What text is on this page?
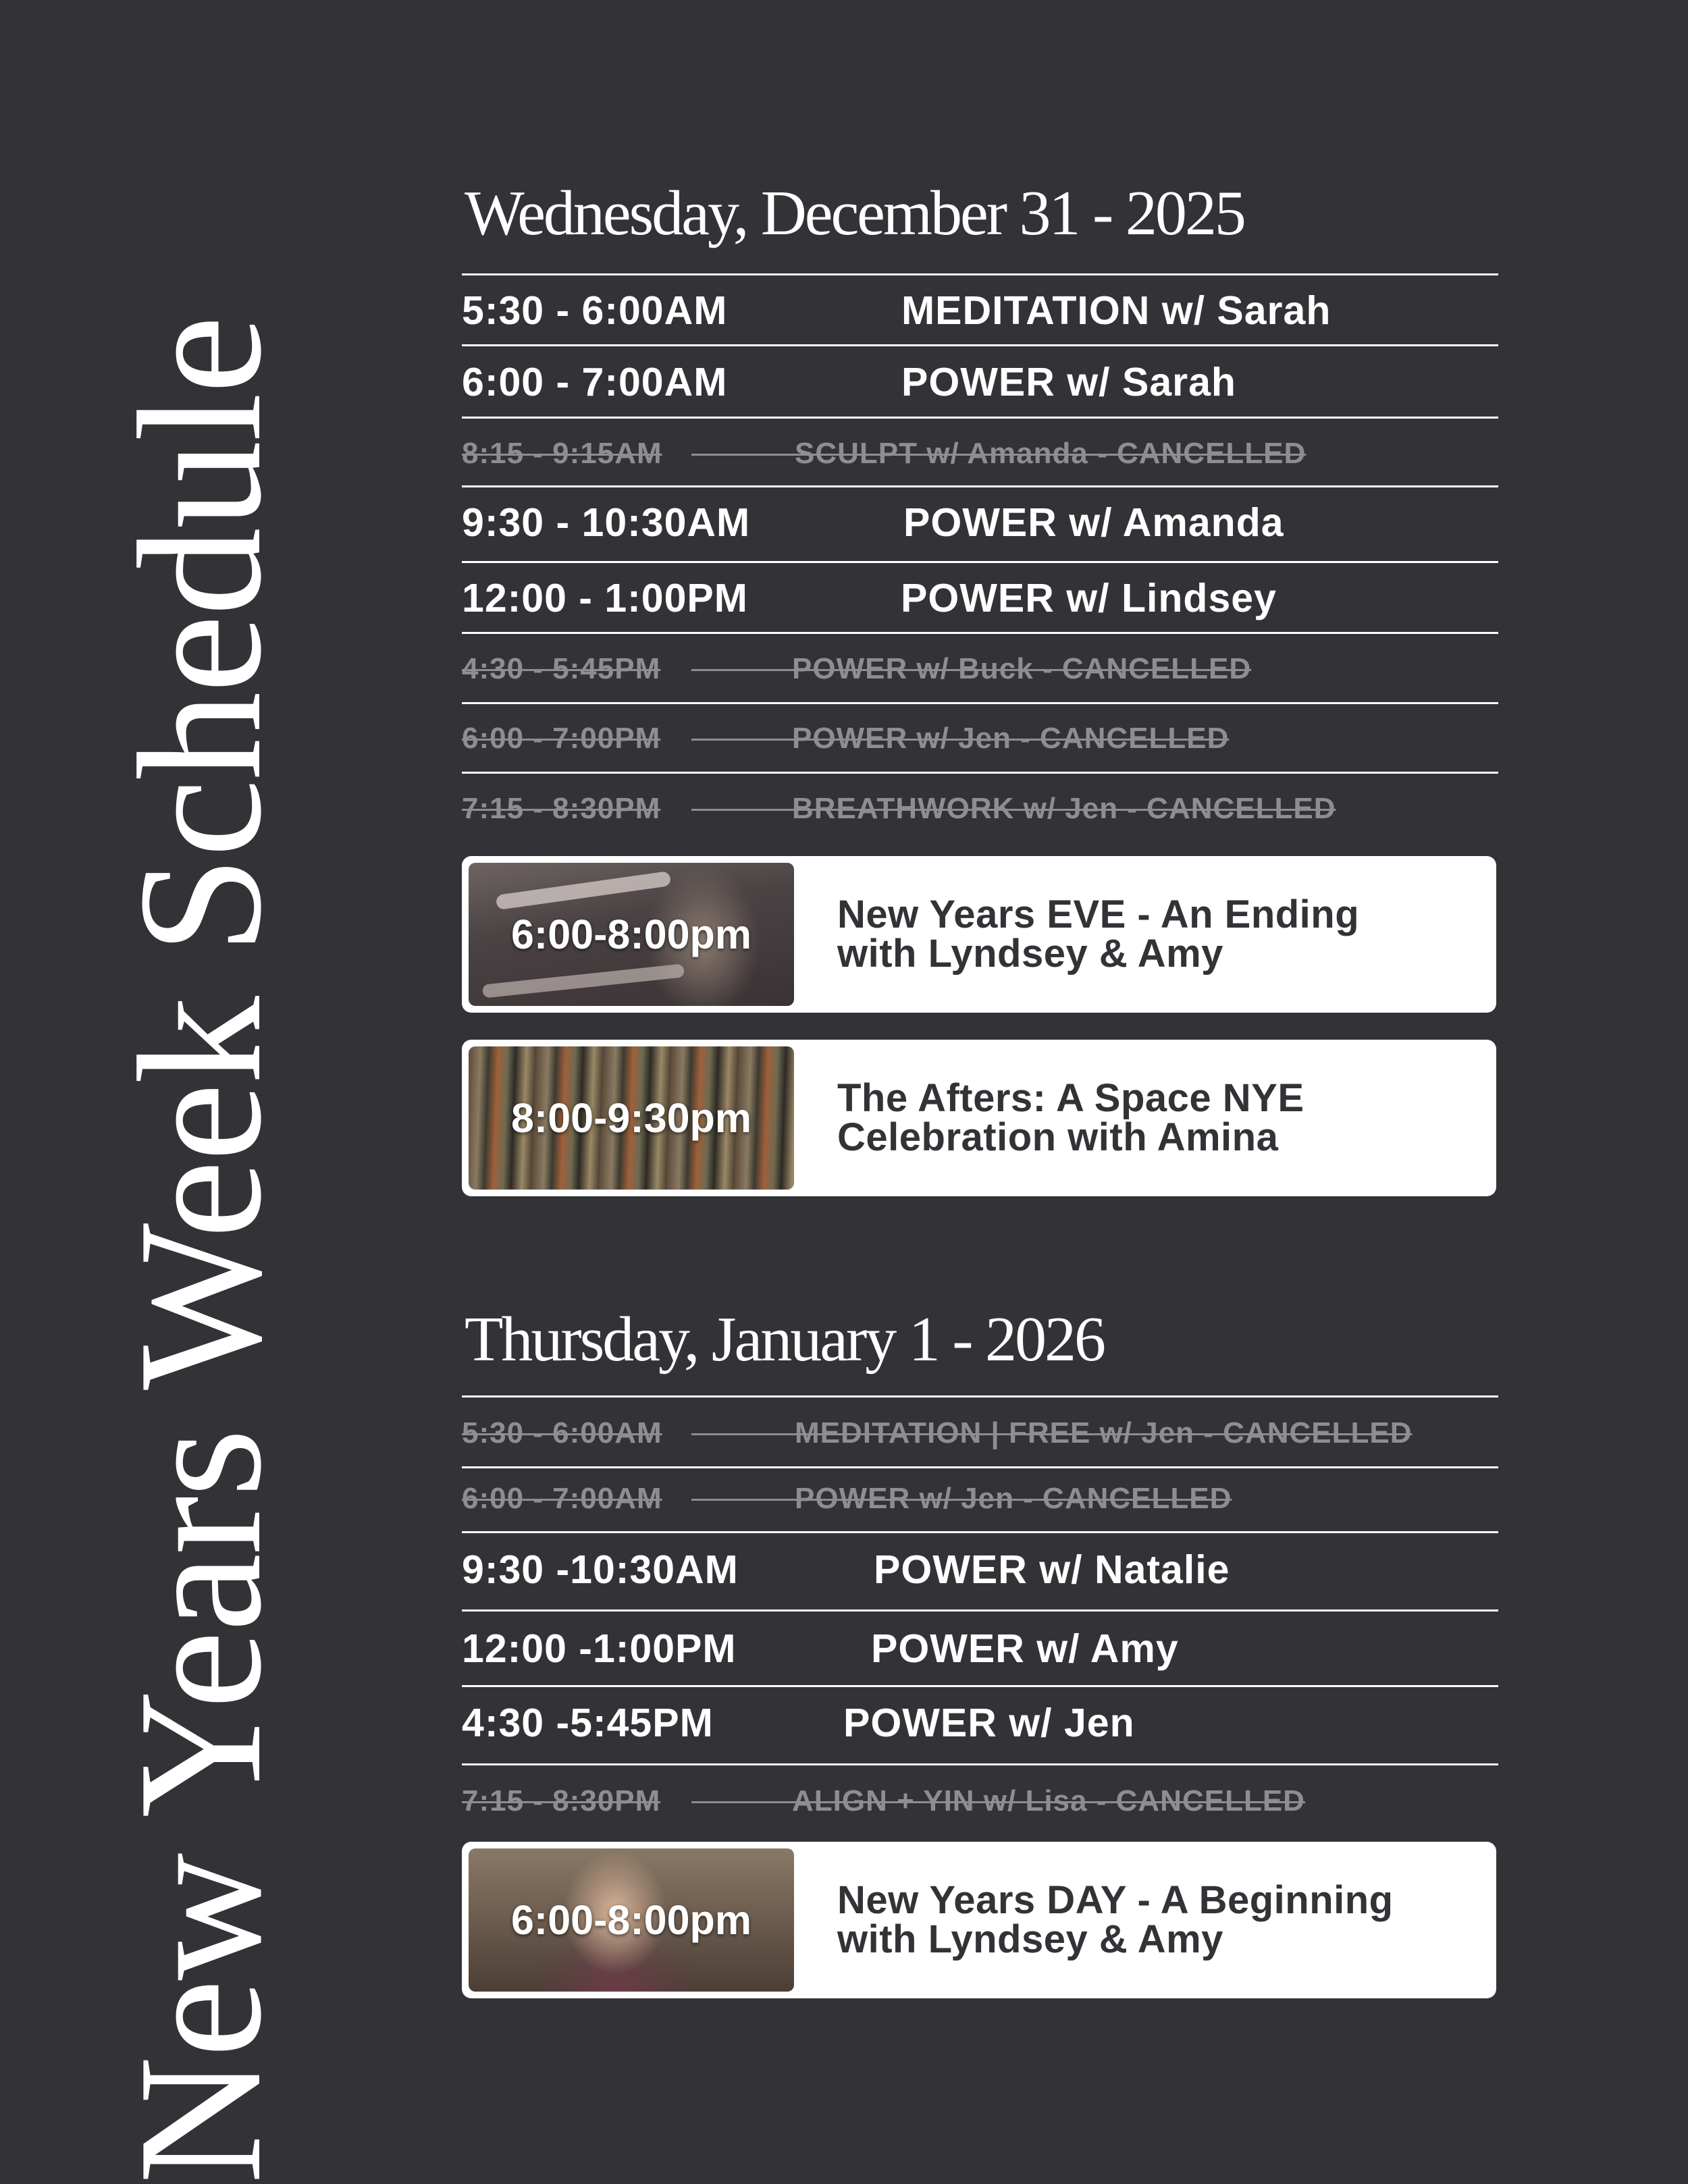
New Years Week Schedule
Wednesday, December 31 - 2025
5:30 - 6:00AM	MEDITATION w/ Sarah
6:00 - 7:00AM	POWER w/ Sarah
8:15 - 9:15AM	SCULPT w/ Amanda - CANCELLED
9:30 - 10:30AM	POWER w/ Amanda
12:00 - 1:00PM	POWER w/ Lindsey
4:30 - 5:45PM	POWER w/ Buck - CANCELLED
6:00 - 7:00PM	POWER w/ Jen - CANCELLED
7:15 - 8:30PM	BREATHWORK w/ Jen - CANCELLED
6:00-8:00pm	New Years EVE - An Ending
with Lyndsey & Amy
8:00-9:30pm	The Afters: A Space NYE
Celebration with Amina
Thursday, January 1 - 2026
5:30 - 6:00AM	MEDITATION | FREE w/ Jen - CANCELLED
6:00 - 7:00AM	POWER w/ Jen - CANCELLED
9:30 -10:30AM	POWER w/ Natalie
12:00 -1:00PM	POWER w/ Amy
4:30 -5:45PM	POWER w/ Jen
7:15 - 8:30PM	ALIGN + YIN w/ Lisa - CANCELLED
6:00-8:00pm	New Years DAY - A Beginning
with Lyndsey & Amy
